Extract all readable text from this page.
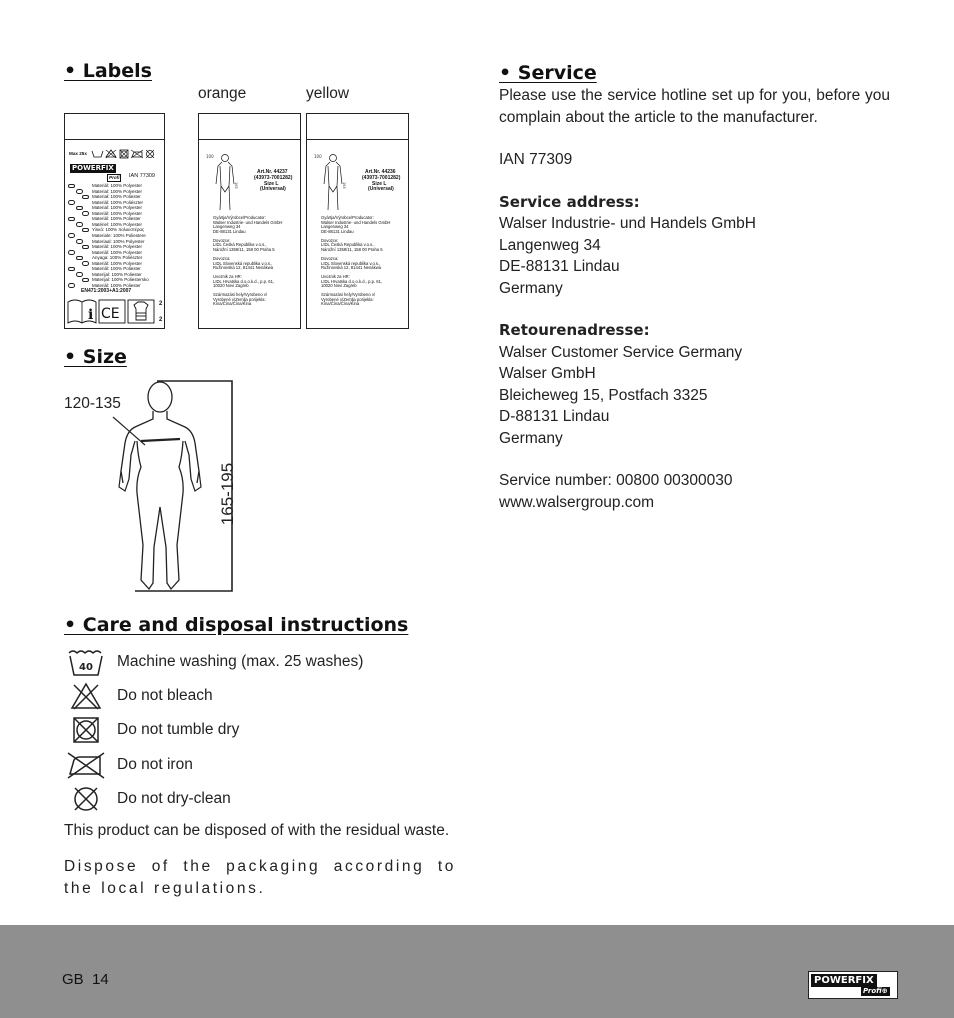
• Labels
orange	yellow
Max 25x
POWERFIX
Profi	IAN 77309
Materiál: 100% Polyester
Material: 100% Polyester
Materiał: 100% Poliester
Materiál: 100% Poliészter
Material: 100% Polyester
Materiál: 100% Polyester
Materiál: 100% Poliester
Matériel: 100% Polyester
Υλικό: 100% πολυεστέρας
Materiale: 100% Poliestere
Materiaal: 100% Polyester
Materiál: 100% Polyester
Materiál: 100% Polyester
Anyaga: 100% Poliészter
Materiál: 100% Polyester
Materiál: 100% Poliester
Materijal: 100% Poliester
Materijal: 100% Poliestersko
Materiál: 100% Poliester
EN471:2003+A1:2007
i CE
2
2
100
165
Art.Nr. 44237
(43973-7001282)
Size L
(Universal)
Gyártja/Výrobce/Producator:
Walser Industrie- und Handels GmbH
Langenweg 34
DE-88131 Lindau
Dovozce:
LIDL Česká Republika v.o.s.,
Nárožní 1359/11, 158 00 Praha 5
Dovozca:
LIDL Slovenská republika v.o.s.,
Ružinovská 12, 81441 Nenákwa
Uvoznik za HR:
LIDL Hrvatska d.o.o.k.d., p.p. 61,
10020 Novi Zagreb
Származási hely/Vyrobeno v/
Vyrobené v/Zemlja porijekla:
Kína/Čína/Čína/Kina
100
165
Art.Nr. 44236
(43973-7001282)
Size L
(Universal)
Gyártja/Výrobce/Producator:
Walser Industrie- und Handels GmbH
Langenweg 34
DE-88131 Lindau
Dovozce:
LIDL Česká Republika v.o.s.,
Nárožní 1359/11, 158 00 Praha 5
Dovozca:
LIDL Slovenská republika v.o.s.,
Ružinovská 12, 81441 Nenákwa
Uvoznik za HR:
LIDL Hrvatska d.o.o.k.d., p.p. 61,
10020 Novi Zagreb
Származási hely/Vyrobeno v/
Vyrobené v/Zemlja porijekla:
Kína/Čína/Čína/Kina
• Size
120-135
165-195
• Care and disposal instructions
40 Machine washing (max. 25 washes)
Do not bleach
Do not tumble dry
Do not iron
Do not dry-clean
This product can be disposed of with the residual waste.
Dispose of the packaging according to the local regulations.
• Service

Please use the service hotline set up for you, before you complain about the article to the manufacturer.

IAN 77309

Service address:

Walser Industrie- und Handels GmbH

Langenweg 34

DE-88131 Lindau

Germany

Retourenadresse:

Walser Customer Service Germany

Walser GmbH

Bleicheweg 15, Postfach 3325

D-88131 Lindau

Germany

Service number: 00800 00300030

www.walsergroup.com

GB  14	POWERFIX
Profi⊕
